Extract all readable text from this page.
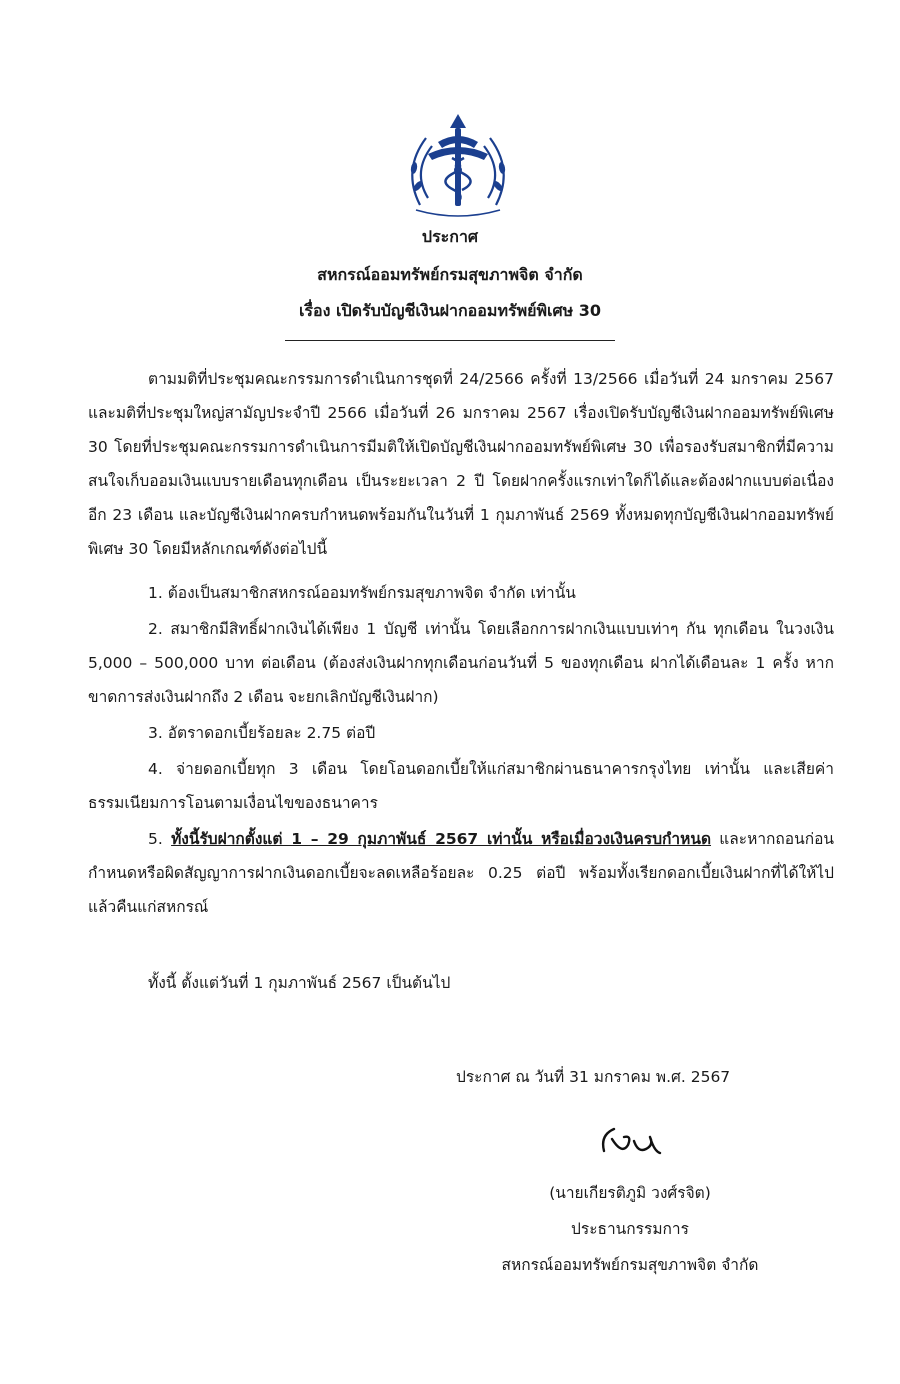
ประกาศ
สหกรณ์ออมทรัพย์กรมสุขภาพจิต จำกัด
เรื่อง เปิดรับบัญชีเงินฝากออมทรัพย์พิเศษ 30
ตามมติที่ประชุมคณะกรรมการดำเนินการชุดที่ 24/2566 ครั้งที่ 13/2566 เมื่อวันที่ 24 มกราคม 2567 และมติที่ประชุมใหญ่สามัญประจำปี 2566 เมื่อวันที่ 26 มกราคม 2567 เรื่องเปิดรับบัญชีเงินฝากออมทรัพย์พิเศษ 30 โดยที่ประชุมคณะกรรมการดำเนินการมีมติให้เปิดบัญชีเงินฝากออมทรัพย์พิเศษ 30 เพื่อรองรับสมาชิกที่มีความสนใจเก็บออมเงินแบบรายเดือนทุกเดือน เป็นระยะเวลา 2 ปี โดยฝากครั้งแรกเท่าใดก็ได้และต้องฝากแบบต่อเนื่องอีก 23 เดือน และบัญชีเงินฝากครบกำหนดพร้อมกันในวันที่ 1 กุมภาพันธ์ 2569 ทั้งหมดทุกบัญชีเงินฝากออมทรัพย์พิเศษ 30 โดยมีหลักเกณฑ์ดังต่อไปนี้
1. ต้องเป็นสมาชิกสหกรณ์ออมทรัพย์กรมสุขภาพจิต จำกัด เท่านั้น
2. สมาชิกมีสิทธิ์ฝากเงินได้เพียง 1 บัญชี เท่านั้น โดยเลือกการฝากเงินแบบเท่าๆ กัน ทุกเดือน ในวงเงิน 5,000 – 500,000 บาท ต่อเดือน (ต้องส่งเงินฝากทุกเดือนก่อนวันที่ 5 ของทุกเดือน ฝากได้เดือนละ 1 ครั้ง หากขาดการส่งเงินฝากถึง 2 เดือน จะยกเลิกบัญชีเงินฝาก)
3. อัตราดอกเบี้ยร้อยละ 2.75 ต่อปี
4. จ่ายดอกเบี้ยทุก 3 เดือน โดยโอนดอกเบี้ยให้แก่สมาชิกผ่านธนาคารกรุงไทย เท่านั้น และเสียค่าธรรมเนียมการโอนตามเงื่อนไขของธนาคาร
5. ทั้งนี้รับฝากตั้งแต่ 1 – 29 กุมภาพันธ์ 2567 เท่านั้น หรือเมื่อวงเงินครบกำหนด และหากถอนก่อนกำหนดหรือผิดสัญญาการฝากเงินดอกเบี้ยจะลดเหลือร้อยละ 0.25 ต่อปี พร้อมทั้งเรียกดอกเบี้ยเงินฝากที่ได้ให้ไปแล้วคืนแก่สหกรณ์
ทั้งนี้ ตั้งแต่วันที่ 1 กุมภาพันธ์ 2567 เป็นต้นไป
ประกาศ ณ วันที่ 31 มกราคม พ.ศ. 2567
(นายเกียรติภูมิ วงศ์รจิต)
ประธานกรรมการ
สหกรณ์ออมทรัพย์กรมสุขภาพจิต จำกัด
